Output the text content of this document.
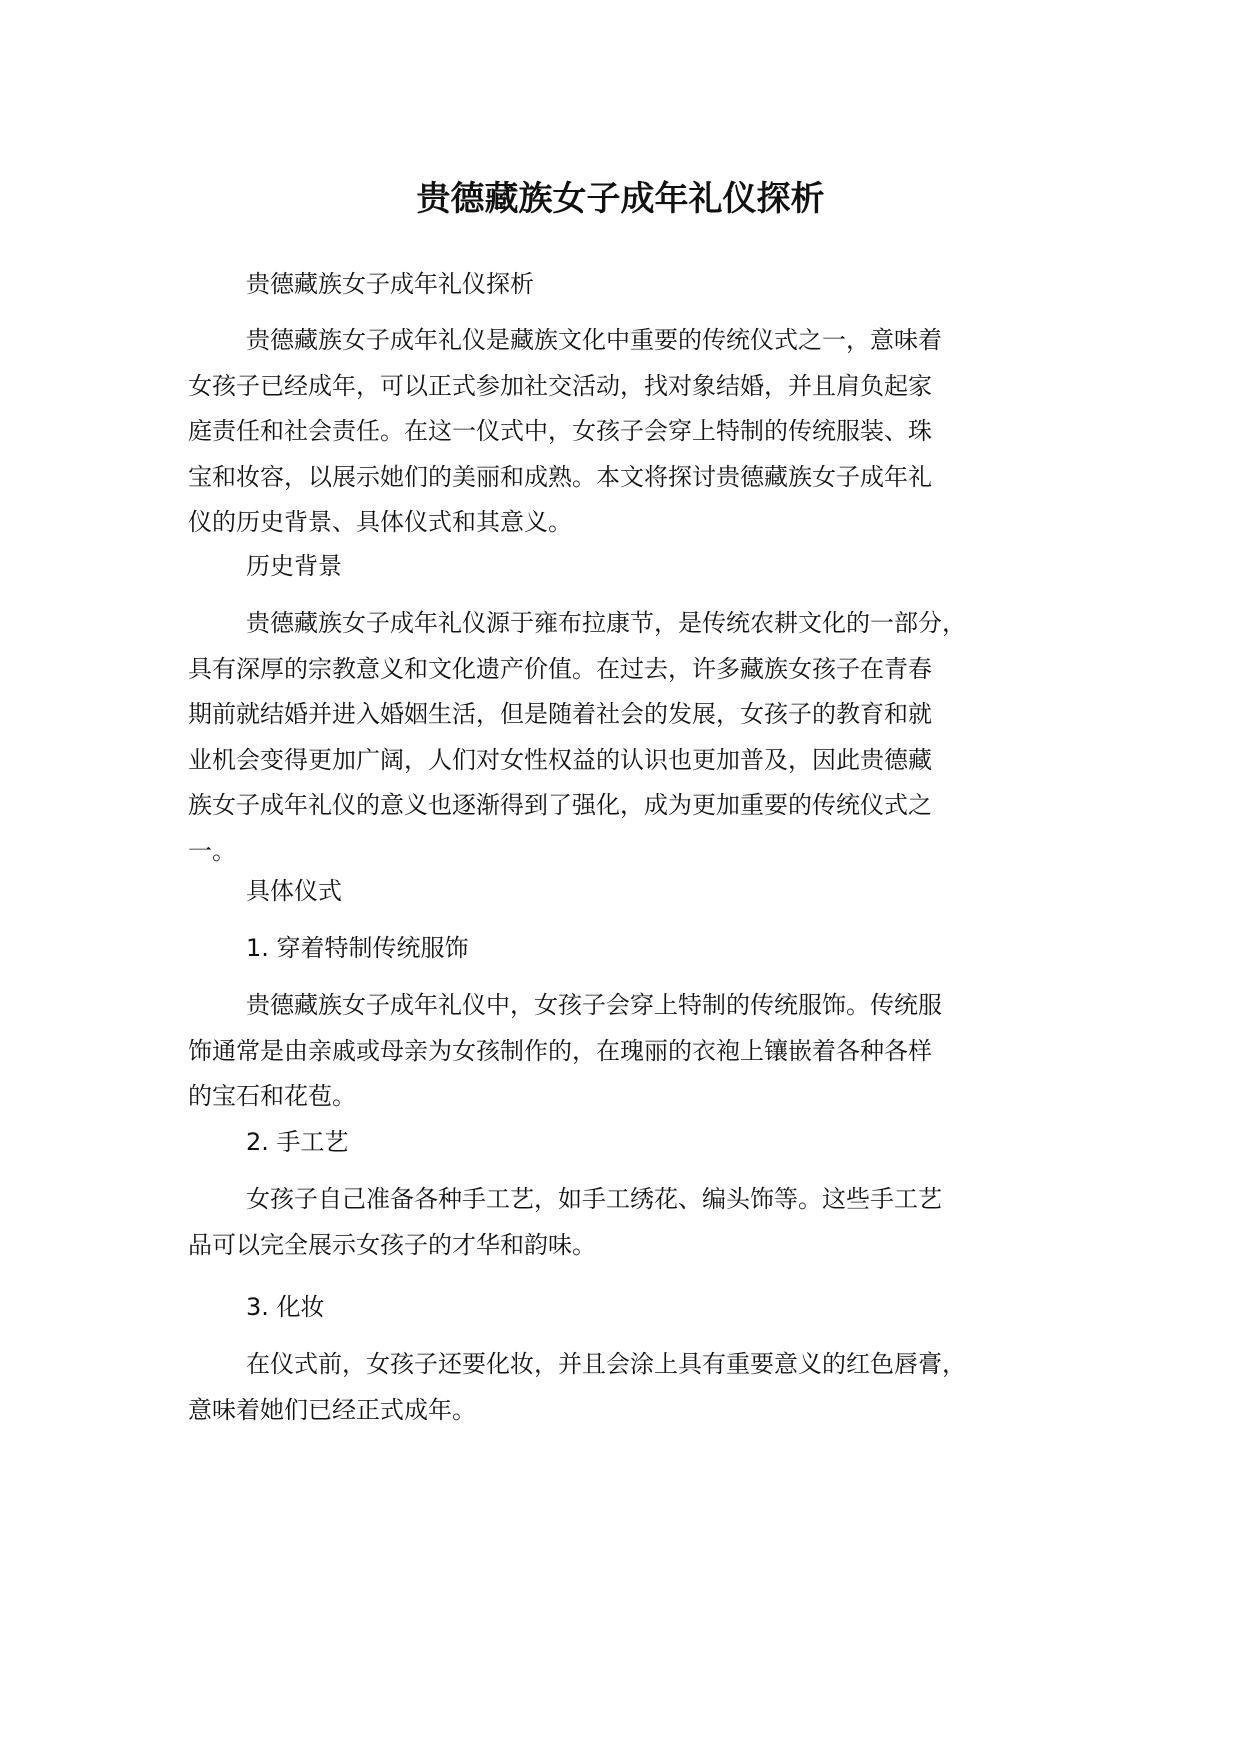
贵德藏族女子成年礼仪探析

贵德藏族女子成年礼仪探析

贵德藏族女子成年礼仪是藏族文化中重要的传统仪式之一，意味着
女孩子已经成年，可以正式参加社交活动，找对象结婚，并且肩负起家
庭责任和社会责任。在这一仪式中，女孩子会穿上特制的传统服装、珠
宝和妆容，以展示她们的美丽和成熟。本文将探讨贵德藏族女子成年礼
仪的历史背景、具体仪式和其意义。

历史背景

贵德藏族女子成年礼仪源于雍布拉康节，是传统农耕文化的一部分，
具有深厚的宗教意义和文化遗产价值。在过去，许多藏族女孩子在青春
期前就结婚并进入婚姻生活，但是随着社会的发展，女孩子的教育和就
业机会变得更加广阔，人们对女性权益的认识也更加普及，因此贵德藏
族女子成年礼仪的意义也逐渐得到了强化，成为更加重要的传统仪式之
一。

具体仪式

1. 穿着特制传统服饰

贵德藏族女子成年礼仪中，女孩子会穿上特制的传统服饰。传统服
饰通常是由亲戚或母亲为女孩制作的，在瑰丽的衣袍上镶嵌着各种各样
的宝石和花苞。

2. 手工艺

女孩子自己准备各种手工艺，如手工绣花、编头饰等。这些手工艺
品可以完全展示女孩子的才华和韵味。

3. 化妆

在仪式前，女孩子还要化妆，并且会涂上具有重要意义的红色唇膏，
意味着她们已经正式成年。
